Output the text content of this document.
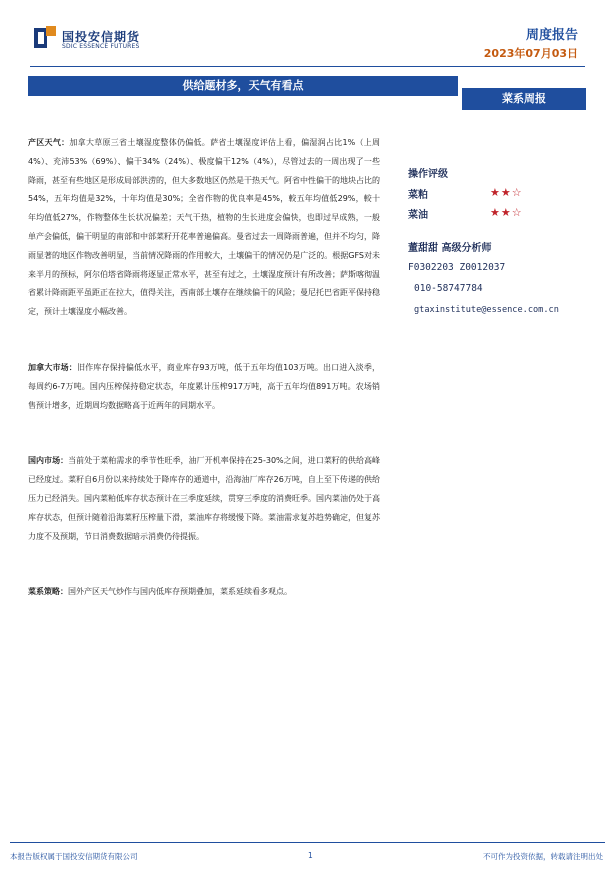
国投安信期货
SDIC ESSENCE FUTURES
周度报告
2023年07月03日
供给题材多，天气有看点
菜系周报

产区天气：加拿大草原三省土壤湿度整体仍偏低。萨省土壤湿度评估上看，偏湿润占比1%（上周4%）、充沛53%（69%）、偏干34%（24%）、极度偏干12%（4%），尽管过去的一周出现了一些降雨，甚至有些地区是形成局部洪涝的，但大多数地区仍然是干热天气。阿省中性偏干的地块占比的54%，五年均值是32%，十年均值是30%；全省作物的优良率是45%，較五年均值低29%，較十年均值低27%，作物整体生长状况偏差；天气干热，植物的生长进度会偏快，也即过早成熟，一般单产会偏低，偏干明显的南部和中部菜籽开花率普遍偏高。曼省过去一周降雨普遍，但并不均匀，降雨显著的地区作物改善明显，当前情况降雨的作用較大，土壤偏干的情况仍是广泛的。根据GFS对未来半月的预标，阿尔伯塔省降雨将逐显正常水平，甚至有过之，土壤湿度预计有所改善；萨斯喀彻温省累计降雨距平虽距正在拉大，值得关注，西南部土壤存在继续偏干的风险；曼尼托巴省距平保持稳定，预计土壤湿度小幅改善。

加拿大市场：旧作库存保持偏低水平，商业库存93万吨，低于五年均值103万吨。出口进入淡季，每周约6-7万吨。国内压榨保持稳定状态，年度累计压榨917万吨，高于五年均值891万吨。农场销售预计增多，近期周均数据略高于近两年的同期水平。

国内市场：当前处于菜粕需求的季节性旺季，油厂开机率保持在25-30%之间，进口菜籽的供给高峰已经度过。菜籽自6月份以来持续处于降库存的通道中，沿海油厂库存26万吨，自上至下传递的供给压力已经消失。国内菜粕低库存状态预计在三季度延续，贯穿三季度的消费旺季。国内菜油仍处于高库存状态，但预计随着沿海菜籽压榨量下滑，菜油库存将缓慢下降。菜油需求复苏趋势确定，但复苏力度不及预期，节日消费数据暗示消费仍待提振。

菜系策略：国外产区天气炒作与国内低库存预期叠加，菜系延续看多观点。

操作评级
菜粕	★★☆
菜油	★★☆
董甜甜 高级分析师
F0302203 Z0012037
010-58747784
gtaxinstitute@essence.com.cn
本报告版权属于国投安信期货有限公司	1	不可作为投资依据，转载请注明出处
